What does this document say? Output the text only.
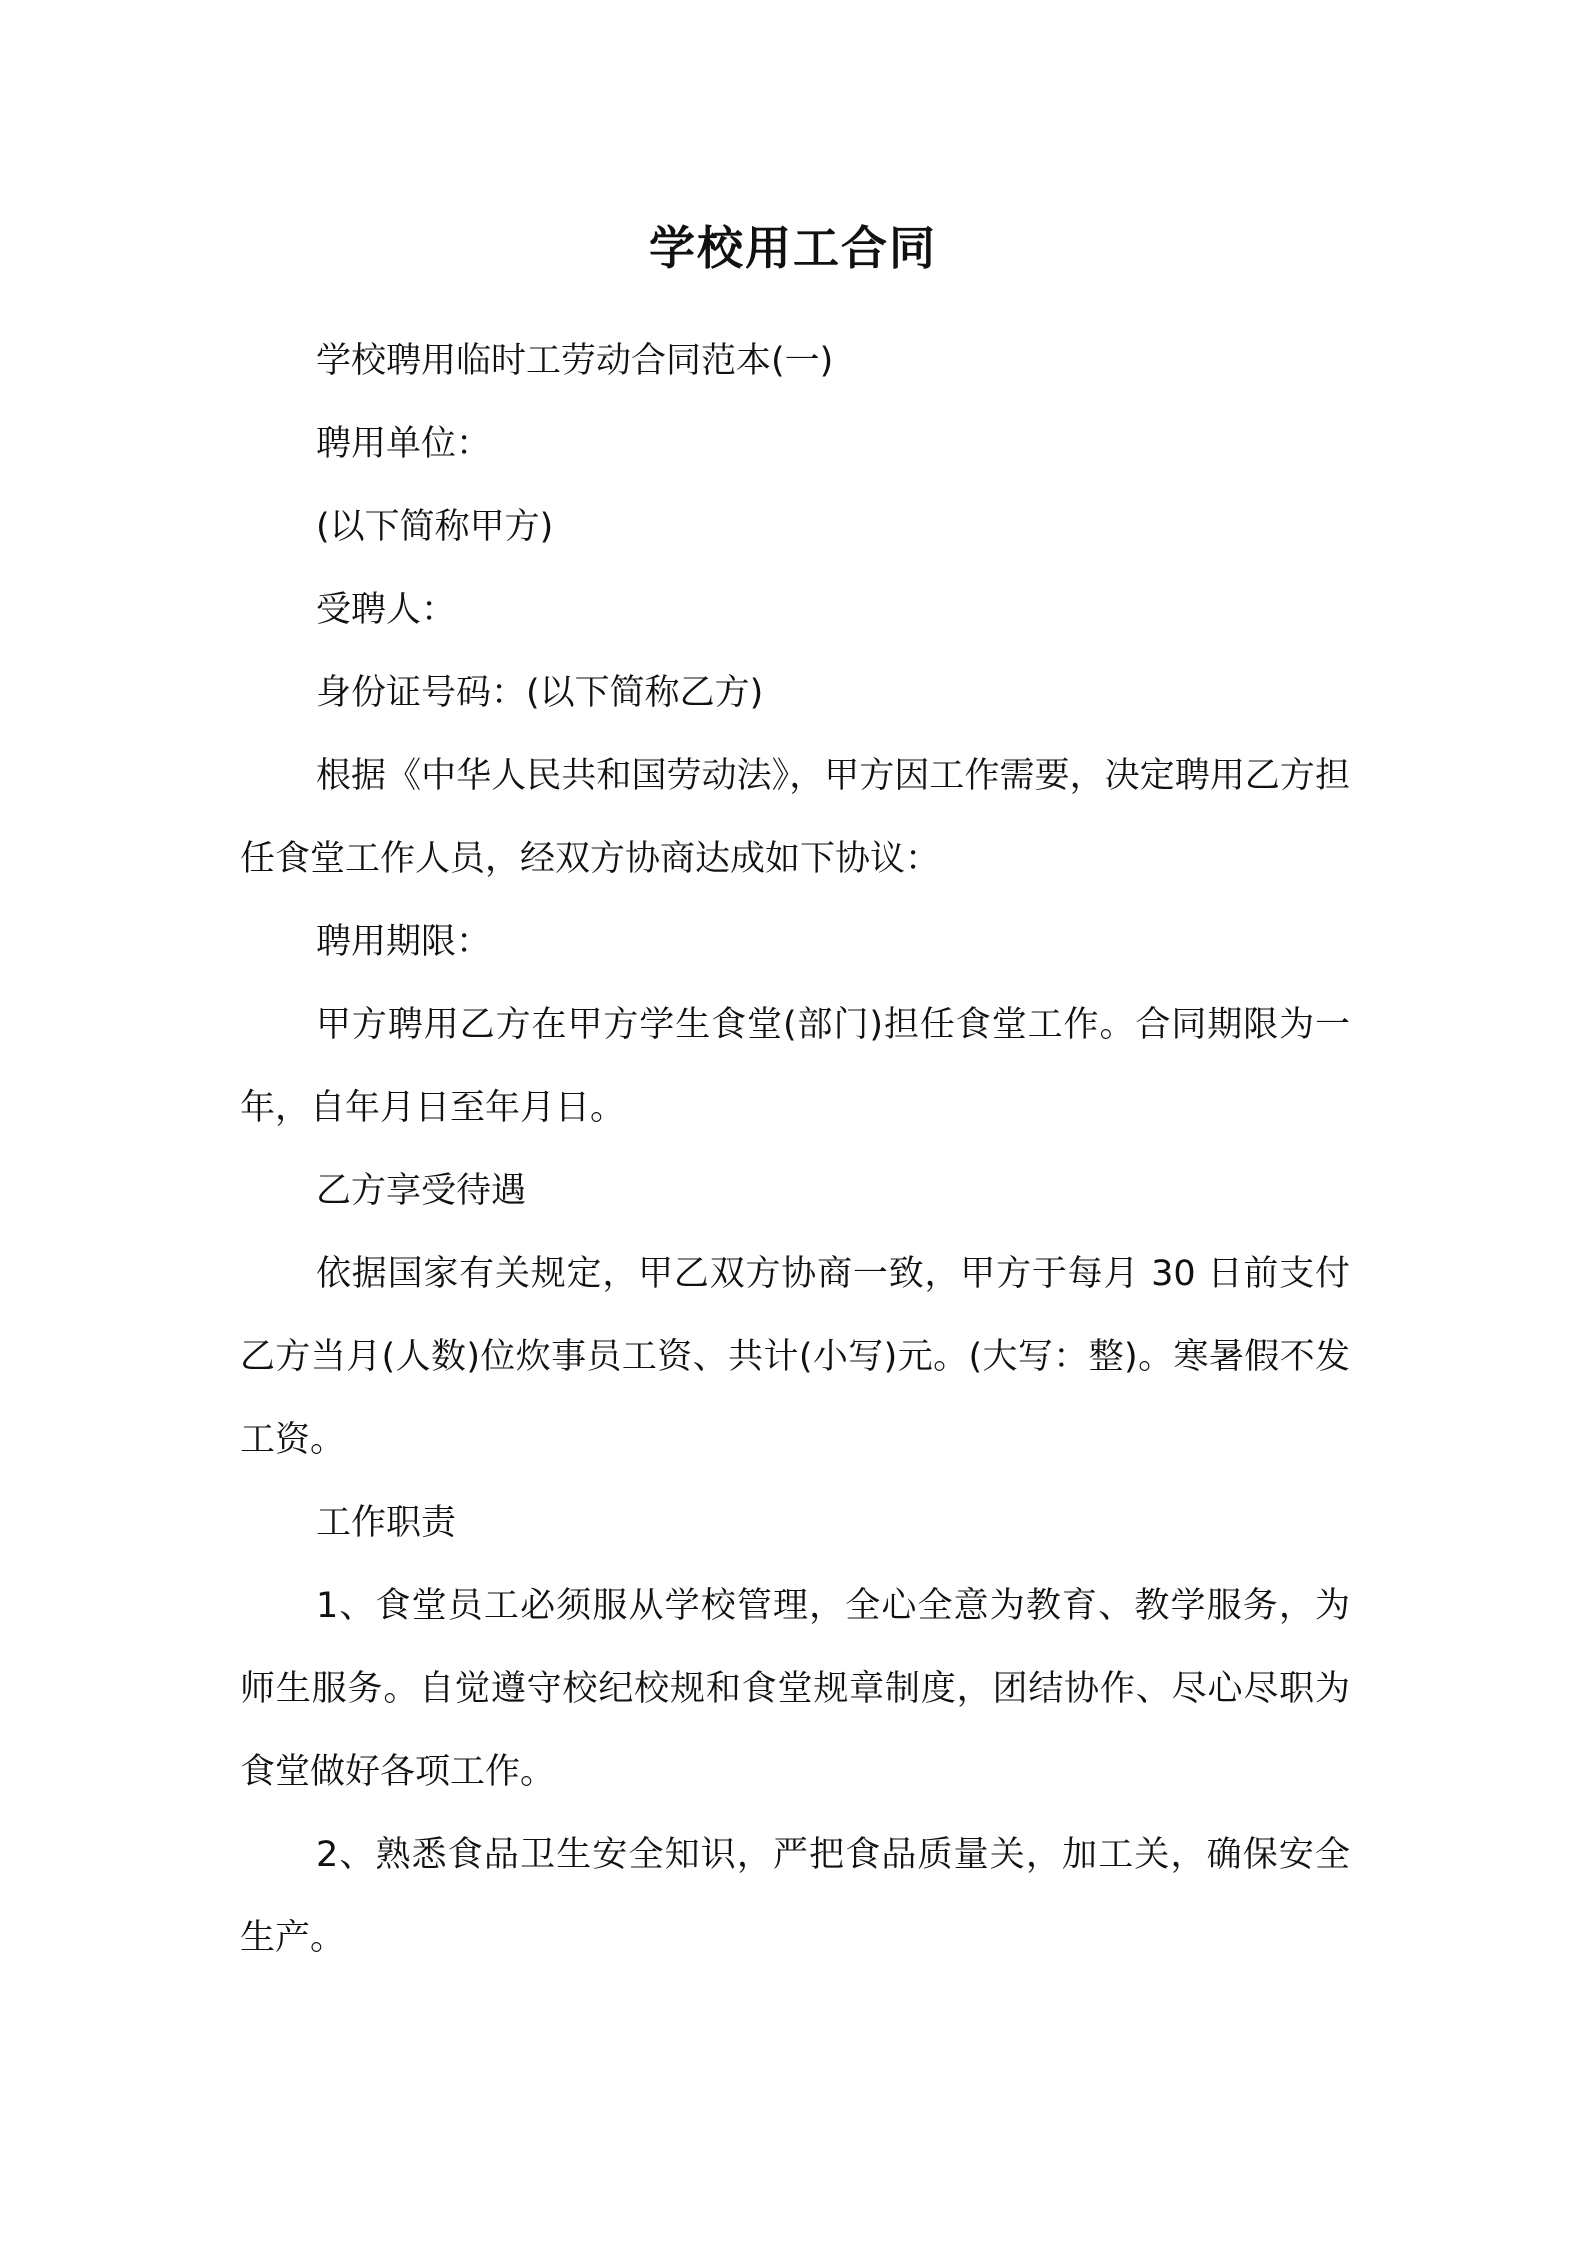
学校用工合同

学校聘用临时工劳动合同范本(一)

聘用单位：

(以下简称甲方)

受聘人：

身份证号码：(以下简称乙方)

根据《中华人民共和国劳动法》，甲方因工作需要，决定聘用乙方担任食堂工作人员，经双方协商达成如下协议：

聘用期限：

甲方聘用乙方在甲方学生食堂(部门)担任食堂工作。合同期限为一年，自年月日至年月日。

乙方享受待遇

依据国家有关规定，甲乙双方协商一致，甲方于每月 30 日前支付乙方当月(人数)位炊事员工资、共计(小写)元。(大写：整)。寒暑假不发工资。

工作职责

1、食堂员工必须服从学校管理，全心全意为教育、教学服务，为师生服务。自觉遵守校纪校规和食堂规章制度，团结协作、尽心尽职为食堂做好各项工作。

2、熟悉食品卫生安全知识，严把食品质量关，加工关，确保安全生产。
